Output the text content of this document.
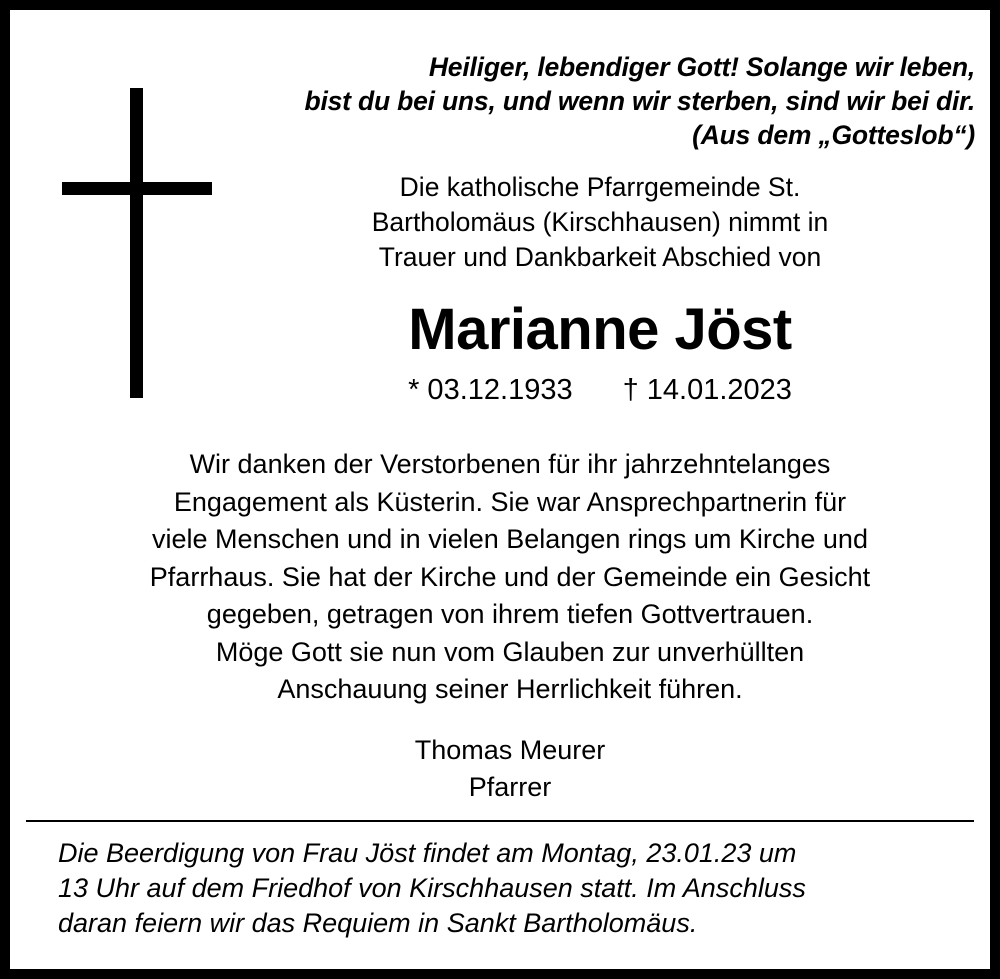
Heiliger, lebendiger Gott! Solange wir leben,
bist du bei uns, und wenn wir sterben, sind wir bei dir.
(Aus dem „Gotteslob“)
Die katholische Pfarrgemeinde St.
Bartholomäus (Kirschhausen) nimmt in
Trauer und Dankbarkeit Abschied von
Marianne Jöst
* 03.12.1933 † 14.01.2023
Wir danken der Verstorbenen für ihr jahrzehntelanges
Engagement als Küsterin. Sie war Ansprechpartnerin für
viele Menschen und in vielen Belangen rings um Kirche und
Pfarrhaus. Sie hat der Kirche und der Gemeinde ein Gesicht
gegeben, getragen von ihrem tiefen Gottvertrauen.
Möge Gott sie nun vom Glauben zur unverhüllten
Anschauung seiner Herrlichkeit führen.
Thomas Meurer
Pfarrer
Die Beerdigung von Frau Jöst findet am Montag, 23.01.23 um
13 Uhr auf dem Friedhof von Kirschhausen statt. Im Anschluss
daran feiern wir das Requiem in Sankt Bartholomäus.
